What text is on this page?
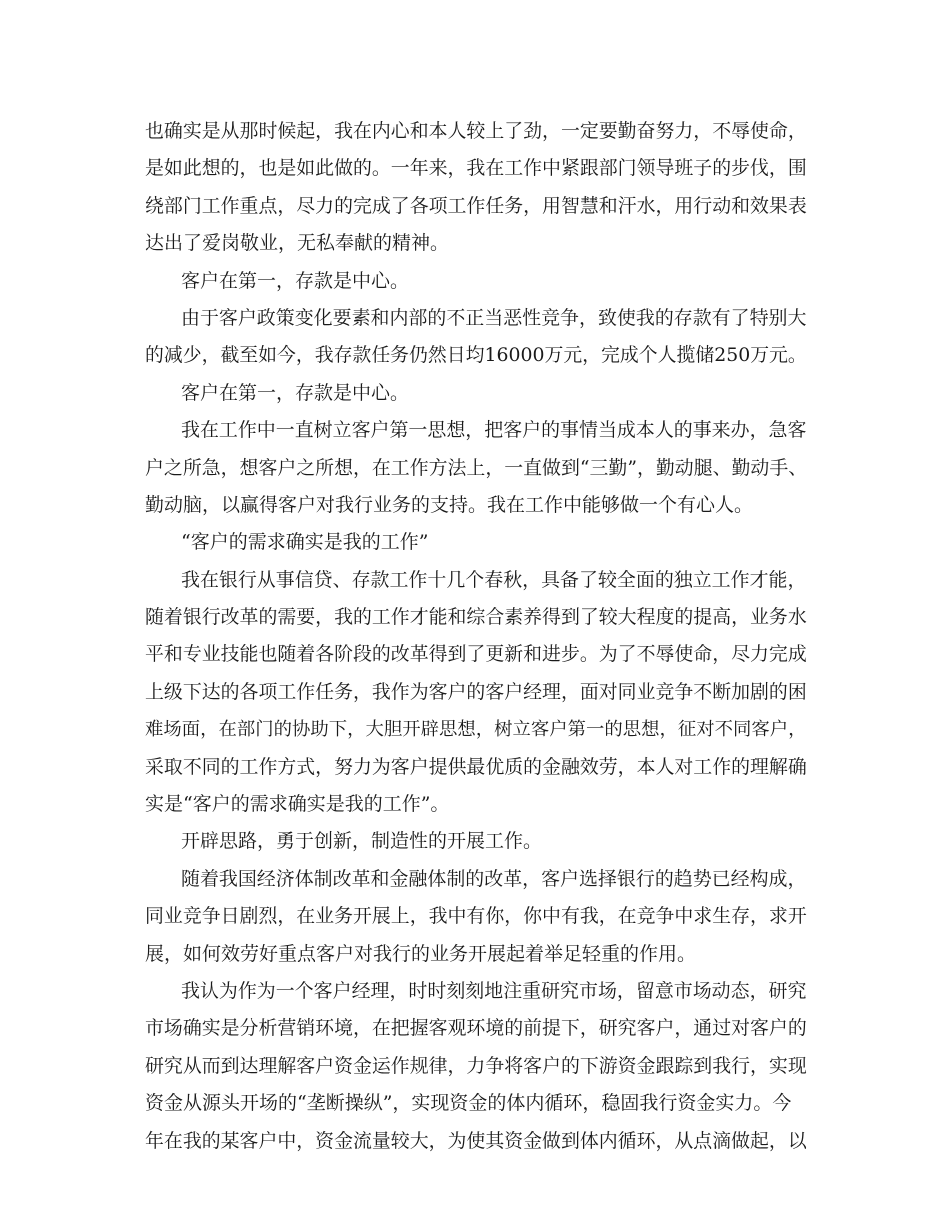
也确实是从那时候起，我在内心和本人较上了劲，一定要勤奋努力，不辱使命，

是如此想的，也是如此做的。一年来，我在工作中紧跟部门领导班子的步伐，围

绕部门工作重点，尽力的完成了各项工作任务，用智慧和汗水，用行动和效果表

达出了爱岗敬业，无私奉献的精神。

客户在第一，存款是中心。

由于客户政策变化要素和内部的不正当恶性竞争，致使我的存款有了特别大

的减少，截至如今，我存款任务仍然日均16000万元，完成个人揽储250万元。

客户在第一，存款是中心。

我在工作中一直树立客户第一思想，把客户的事情当成本人的事来办，急客

户之所急，想客户之所想，在工作方法上，一直做到“三勤”，勤动腿、勤动手、

勤动脑，以赢得客户对我行业务的支持。我在工作中能够做一个有心人。

“客户的需求确实是我的工作”

我在银行从事信贷、存款工作十几个春秋，具备了较全面的独立工作才能，

随着银行改革的需要，我的工作才能和综合素养得到了较大程度的提高，业务水

平和专业技能也随着各阶段的改革得到了更新和进步。为了不辱使命，尽力完成

上级下达的各项工作任务，我作为客户的客户经理，面对同业竞争不断加剧的困

难场面，在部门的协助下，大胆开辟思想，树立客户第一的思想，征对不同客户，

采取不同的工作方式，努力为客户提供最优质的金融效劳，本人对工作的理解确

实是“客户的需求确实是我的工作”。

开辟思路，勇于创新，制造性的开展工作。

随着我国经济体制改革和金融体制的改革，客户选择银行的趋势已经构成，

同业竞争日剧烈，在业务开展上，我中有你，你中有我，在竞争中求生存，求开

展，如何效劳好重点客户对我行的业务开展起着举足轻重的作用。

我认为作为一个客户经理，时时刻刻地注重研究市场，留意市场动态，研究

市场确实是分析营销环境，在把握客观环境的前提下，研究客户，通过对客户的

研究从而到达理解客户资金运作规律，力争将客户的下游资金跟踪到我行，实现

资金从源头开场的“垄断操纵”，实现资金的体内循环，稳固我行资金实力。今

年在我的某客户中，资金流量较大，为使其资金做到体内循环，从点滴做起，以
